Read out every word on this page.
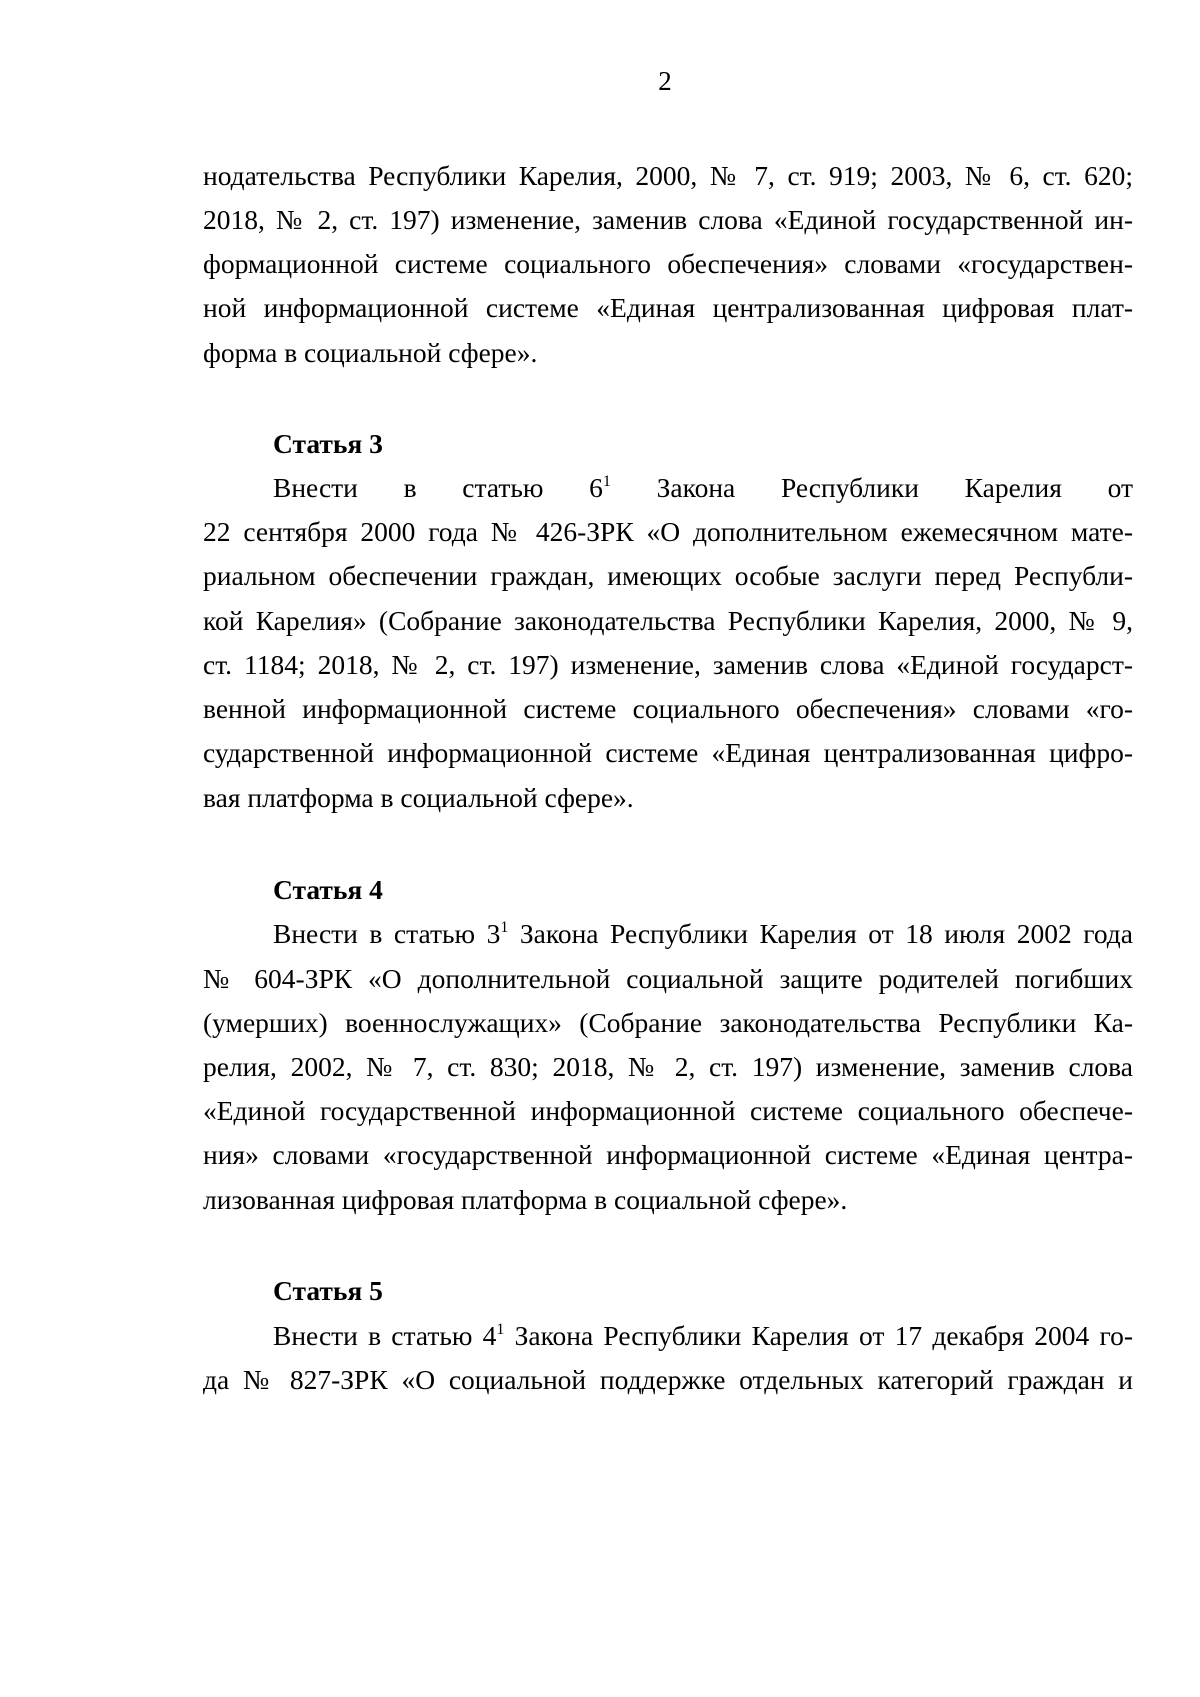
2
нодательства Республики Карелия, 2000, № 7, ст. 919; 2003, № 6, ст. 620;
2018, № 2, ст. 197) изменение, заменив слова «Единой государственной ин-
формационной системе социального обеспечения» словами «государствен-
ной информационной системе «Единая централизованная цифровая плат-
форма в социальной сфере».
Статья 3
Внести в статью $6^1$ Закона Республики Карелия от
22 сентября 2000 года № 426-ЗРК «О дополнительном ежемесячном мате-
риальном обеспечении граждан, имеющих особые заслуги перед Республи-
кой Карелия» (Собрание законодательства Республики Карелия, 2000, № 9,
ст. 1184; 2018, № 2, ст. 197) изменение, заменив слова «Единой государст-
венной информационной системе социального обеспечения» словами «го-
сударственной информационной системе «Единая централизованная цифро-
вая платформа в социальной сфере».
Статья 4
Внести в статью $3^1$ Закона Республики Карелия от 18 июля 2002 года
№ 604-ЗРК «О дополнительной социальной защите родителей погибших
(умерших) военнослужащих» (Собрание законодательства Республики Ка-
релия, 2002, № 7, ст. 830; 2018, № 2, ст. 197) изменение, заменив слова
«Единой государственной информационной системе социального обеспече-
ния» словами «государственной информационной системе «Единая центра-
лизованная цифровая платформа в социальной сфере».
Статья 5
Внести в статью $4^1$ Закона Республики Карелия от 17 декабря 2004 го-
да № 827-ЗРК «О социальной поддержке отдельных категорий граждан и
